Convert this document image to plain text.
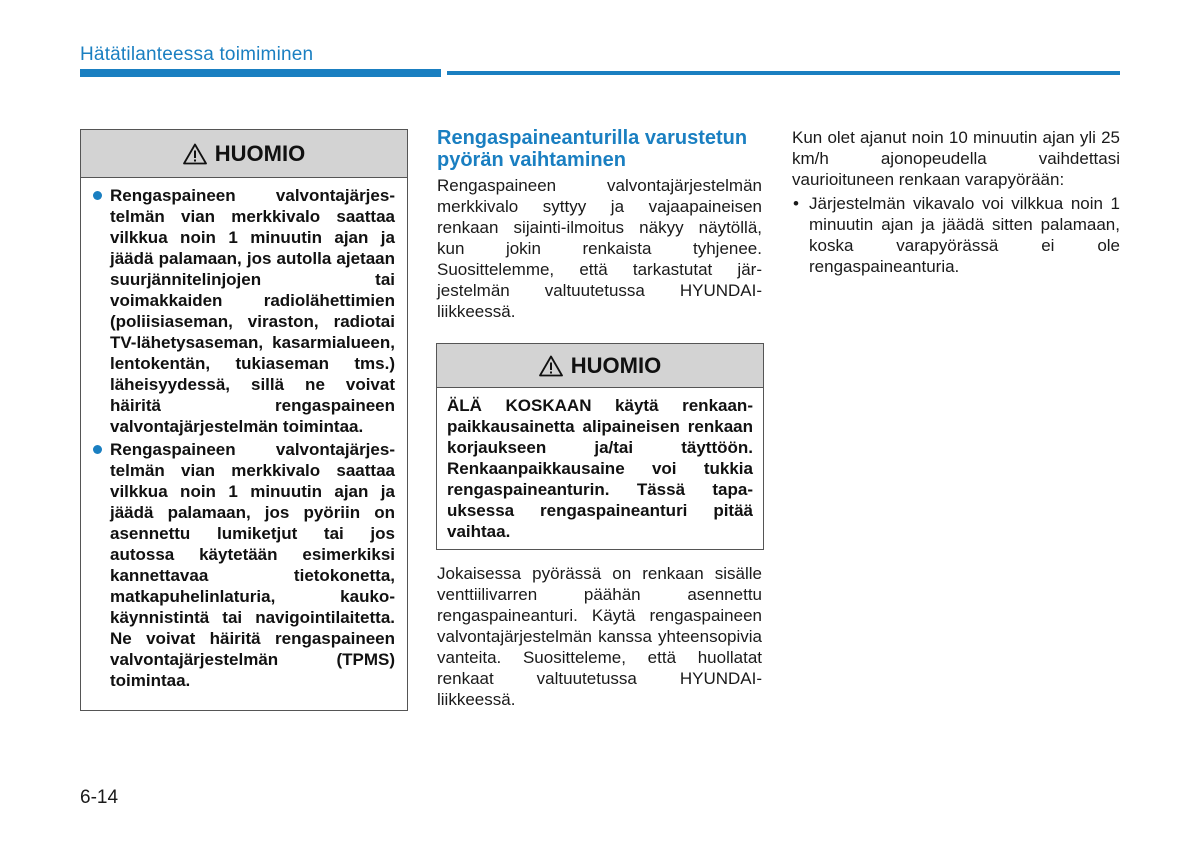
Hätätilanteessa toimiminen
HUOMIO
Rengaspaineen valvontajärjestelmän vian merkkivalo saattaa vilkkua noin 1 minuutin ajan ja jäädä palamaan, jos autolla ajetaan suurjännitelinjojen tai voimakkaiden radiolähettimien (poliisiaseman, viraston, radiotai TV-lähetysaseman, kasarmialueen, lentokentän, tukiaseman tms.) läheisyydessä, sillä ne voivat häiritä rengaspaineen valvontajärjestelmän toimintaa.
Rengaspaineen valvontajärjestelmän vian merkkivalo saattaa vilkkua noin 1 minuutin ajan ja jäädä palamaan, jos pyöriin on asennettu lumiketjut tai jos autossa käytetään esimerkiksi kannettavaa tietokonetta, matkapuhelinlaturia, kaukokäynnistintä tai navigointilaitetta. Ne voivat häiritä rengaspaineen valvontajärjestelmän (TPMS) toimintaa.
Rengaspaineanturilla varustetun pyörän vaihtaminen

Rengaspaineen valvontajärjestelmän merkkivalo syttyy ja vajaapaineisen renkaan sijainti-ilmoitus näkyy näytöllä, kun jokin renkaista tyhjenee. Suosittelemme, että tarkastutat järjestelmän valtuutetussa HYUNDAI-liikkeessä.

HUOMIO
ÄLÄ KOSKAAN käytä renkaanpaikkausainetta alipaineisen renkaan korjaukseen ja/tai täyttöön. Renkaanpaikkausaine voi tukkia rengaspaineanturin. Tässä tapauksessa rengaspaineanturi pitää vaihtaa.

Jokaisessa pyörässä on renkaan sisälle venttiilivarren päähän asennettu rengaspaineanturi. Käytä rengaspaineen valvontajärjestelmän kanssa yhteensopivia vanteita. Suositteleme, että huollatat renkaat valtuutetussa HYUNDAI-liikkeessä.

Kun olet ajanut noin 10 minuutin ajan yli 25 km/h ajonopeudella vaihdettasi vaurioituneen renkaan varapyörään:

• Järjestelmän vikavalo voi vilkkua noin 1 minuutin ajan ja jäädä sitten palamaan, koska varapyörässä ei ole rengaspaineanturia.
6-14
